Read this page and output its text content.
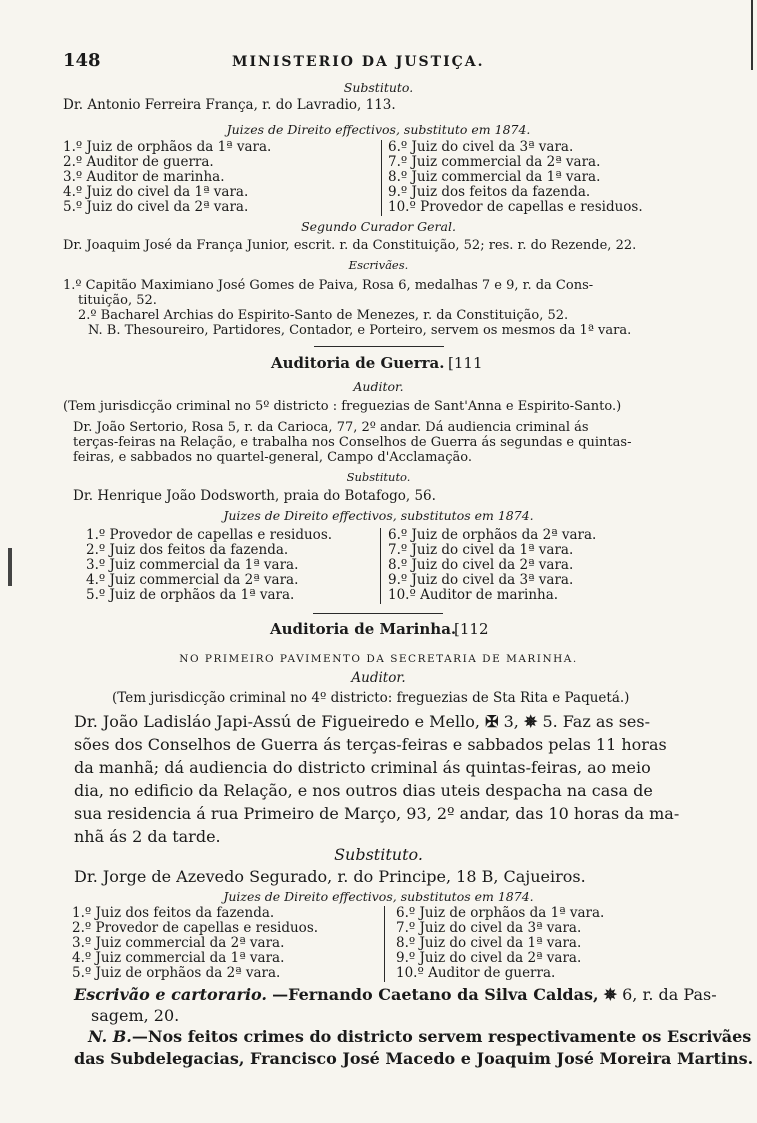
148	MINISTERIO DA JUSTIÇA.
Substituto.
Dr. Antonio Ferreira França, r. do Lavradio, 113.
Juizes de Direito effectivos, substituto em 1874.
1.º Juiz de orphãos da 1ª vara.
2.º Auditor de guerra.
3.º Auditor de marinha.
4.º Juiz do civel da 1ª vara.
5.º Juiz do civel da 2ª vara.
6.º Juiz do civel da 3ª vara.
7.º Juiz commercial da 2ª vara.
8.º Juiz commercial da 1ª vara.
9.º Juiz dos feitos da fazenda.
10.º Provedor de capellas e residuos.
Segundo Curador Geral.
Dr. Joaquim José da França Junior, escrit. r. da Constituição, 52; res. r. do Rezende, 22.
Escrivães.
1.º Capitão Maximiano José Gomes de Paiva, Rosa 6, medalhas 7 e 9, r. da Cons-
tituição, 52.
2.º Bacharel Archias do Espirito-Santo de Menezes, r. da Constituição, 52.
N. B. Thesoureiro, Partidores, Contador, e Porteiro, servem os mesmos da 1ª vara.
Auditoria de Guerra. [111
Auditor.
(Tem jurisdicção criminal no 5º districto : freguezias de Sant'Anna e Espirito-Santo.)
Dr. João Sertorio, Rosa 5, r. da Carioca, 77, 2º andar. Dá audiencia criminal ás
terças-feiras na Relação, e trabalha nos Conselhos de Guerra ás segundas e quintas-
feiras, e sabbados no quartel-general, Campo d'Acclamação.
Substituto.
Dr. Henrique João Dodsworth, praia do Botafogo, 56.
Juizes de Direito effectivos, substitutos em 1874.
1.º Provedor de capellas e residuos.
2.º Juiz dos feitos da fazenda.
3.º Juiz commercial da 1ª vara.
4.º Juiz commercial da 2ª vara.
5.º Juiz de orphãos da 1ª vara.
6.º Juiz de orphãos da 2ª vara.
7.º Juiz do civel da 1ª vara.
8.º Juiz do civel da 2ª vara.
9.º Juiz do civel da 3ª vara.
10.º Auditor de marinha.
Auditoria de Marinha.
[112
NO PRIMEIRO PAVIMENTO DA SECRETARIA DE MARINHA.
Auditor.
(Tem jurisdicção criminal no 4º districto: freguezias de Sta Rita e Paquetá.)
Dr. João Ladisláo Japi-Assú de Figueiredo e Mello, ✠ 3, ✵ 5. Faz as ses-
sões dos Conselhos de Guerra ás terças-feiras e sabbados pelas 11 horas
da manhã; dá audiencia do districto criminal ás quintas-feiras, ao meio
dia, no edificio da Relação, e nos outros dias uteis despacha na casa de
sua residencia á rua Primeiro de Março, 93, 2º andar, das 10 horas da ma-
nhã ás 2 da tarde.
Substituto.
Dr. Jorge de Azevedo Segurado, r. do Principe, 18 B, Cajueiros.
Juizes de Direito effectivos, substitutos em 1874.
1.º Juiz dos feitos da fazenda.
2.º Provedor de capellas e residuos.
3.º Juiz commercial da 2ª vara.
4.º Juiz commercial da 1ª vara.
5.º Juiz de orphãos da 2ª vara.
6.º Juiz de orphãos da 1ª vara.
7.º Juiz do civel da 3ª vara.
8.º Juiz do civel da 1ª vara.
9.º Juiz do civel da 2ª vara.
10.º Auditor de guerra.
Escrivão e cartorario. —Fernando Caetano da Silva Caldas, ✵ 6, r. da Pas-
sagem, 20.
N. B.—Nos feitos crimes do districto servem respectivamente os Escrivães
das Subdelegacias, Francisco José Macedo e Joaquim José Moreira Martins.
